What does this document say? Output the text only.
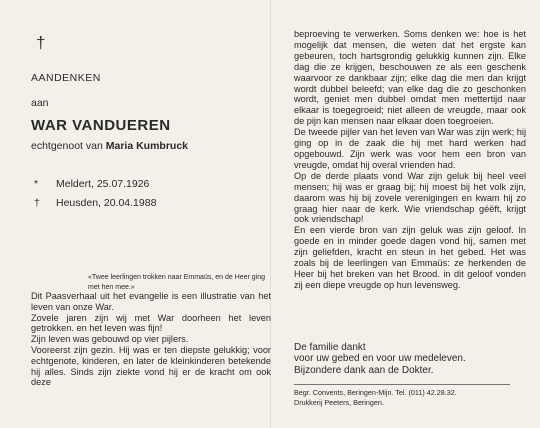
†
AANDENKEN
aan
WAR VANDUEREN
echtgenoot van Maria Kumbruck
* Meldert, 25.07.1926
† Heusden, 20.04.1988
«Twee leerlingen trokken naar Emmaüs, en de Heer ging met hen mee.»

Dit Paasverhaal uit het evangelie is een illustratie van het leven van onze War.

Zovele jaren zijn wij met War doorheen het leven getrokken. en het leven was fijn!

Zijn leven was gebouwd op vier pijlers.

Vooreerst zijn gezin. Hij was er ten diepste gelukkig; voor echtgenote, kinderen, en later de kleinkinderen betekende hij alles. Sinds zijn ziekte vond hij er de kracht om ook deze

beproeving te verwerken. Soms denken we: hoe is het mogelijk dat mensen, die weten dat het ergste kan gebeuren, toch hartsgrondig gelukkig kunnen zijn. Elke dag die ze krijgen, beschouwen ze als een geschenk waarvoor ze dankbaar zijn; elke dag die men dan krijgt wordt dubbel beleefd; van elke dag die zo geschonken wordt, geniet men dubbel omdat men mettertijd naar elkaar is toegegroeid; niet alleen de vreugde, maar ook de pijn kan mensen naar elkaar doen toegroeien.

De tweede pijler van het leven van War was zijn werk; hij ging op in de zaak die hij met hard werken had opgebouwd. Zijn werk was voor hem een bron van vreugde, omdat hij overal vrienden had.

Op de derde plaats vond War zijn geluk bij heel veel mensen; hij was er graag bij; hij moest bij het volk zijn, daarom was hij bij zovele verenigingen en kwam hij zo graag hier naar de kerk. Wie vriendschap géëft, krijgt ook vriendschap!

En een vierde bron van zijn geluk was zijn geloof. In goede en in minder goede dagen vond hij, samen met zijn geliefden, kracht en steun in het gebed. Het was zoals bij de leerlingen van Emmaüs: ze herkenden de Heer bij het breken van het Brood. in dit geloof vonden zij een diepe vreugde op hun levensweg.

De familie dankt
voor uw gebed en voor uw medeleven.
Bijzondere dank aan de Dokter.
Begr. Convents, Beringen-Mijn. Tel. (011) 42.28.32.
Drukkerij Peeters, Beringen.
